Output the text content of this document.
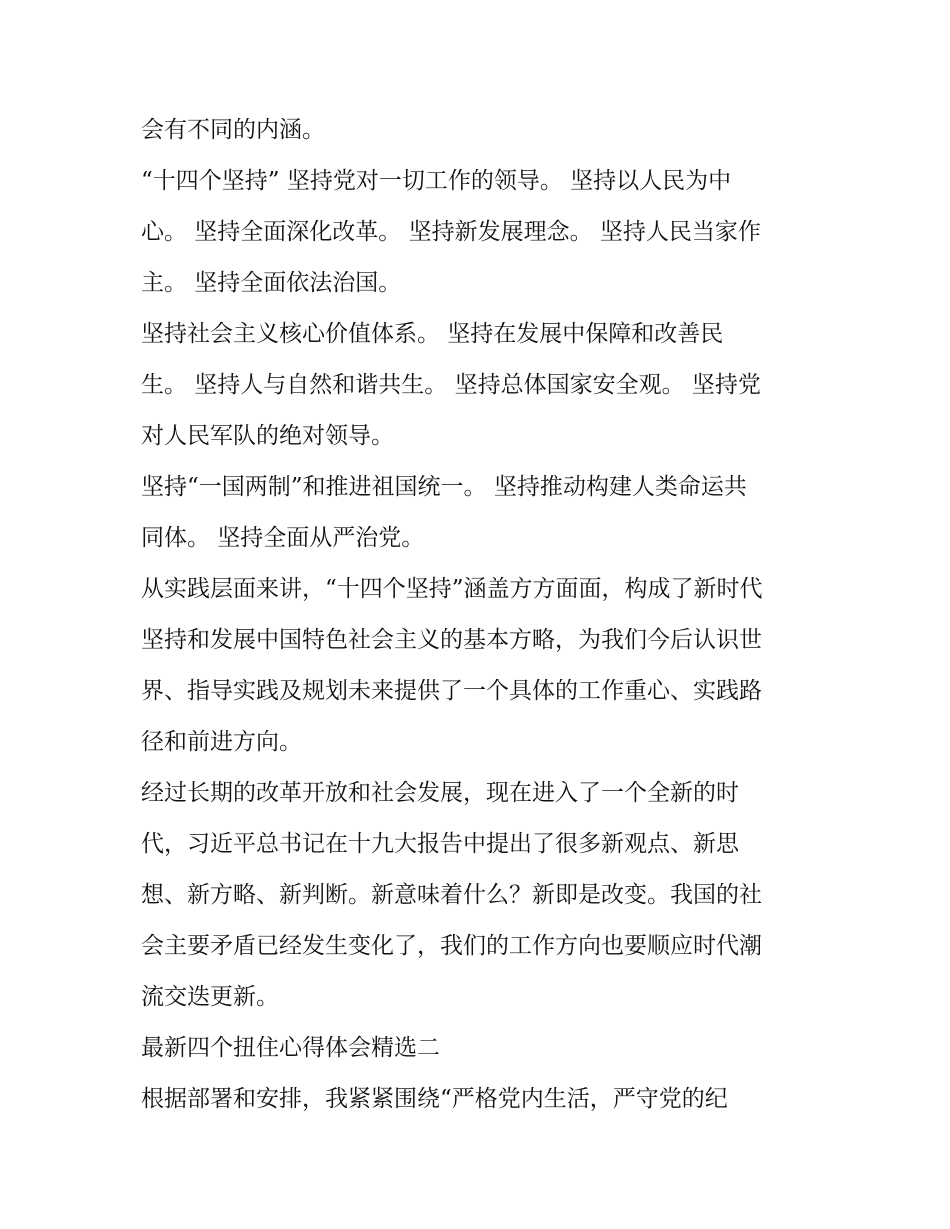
会有不同的内涵。
“十四个坚持” 坚持党对一切工作的领导。 坚持以人民为中
心。 坚持全面深化改革。 坚持新发展理念。 坚持人民当家作
主。 坚持全面依法治国。
坚持社会主义核心价值体系。 坚持在发展中保障和改善民
生。 坚持人与自然和谐共生。 坚持总体国家安全观。 坚持党
对人民军队的绝对领导。
坚持“一国两制”和推进祖国统一。 坚持推动构建人类命运共
同体。 坚持全面从严治党。
从实践层面来讲，“十四个坚持”涵盖方方面面，构成了新时代
坚持和发展中国特色社会主义的基本方略，为我们今后认识世
界、指导实践及规划未来提供了一个具体的工作重心、实践路
径和前进方向。
经过长期的改革开放和社会发展，现在进入了一个全新的时
代，习近平总书记在十九大报告中提出了很多新观点、新思
想、新方略、新判断。新意味着什么？新即是改变。我国的社
会主要矛盾已经发生变化了，我们的工作方向也要顺应时代潮
流交迭更新。
最新四个扭住心得体会精选二
根据部署和安排，我紧紧围绕“严格党内生活，严守党的纪
